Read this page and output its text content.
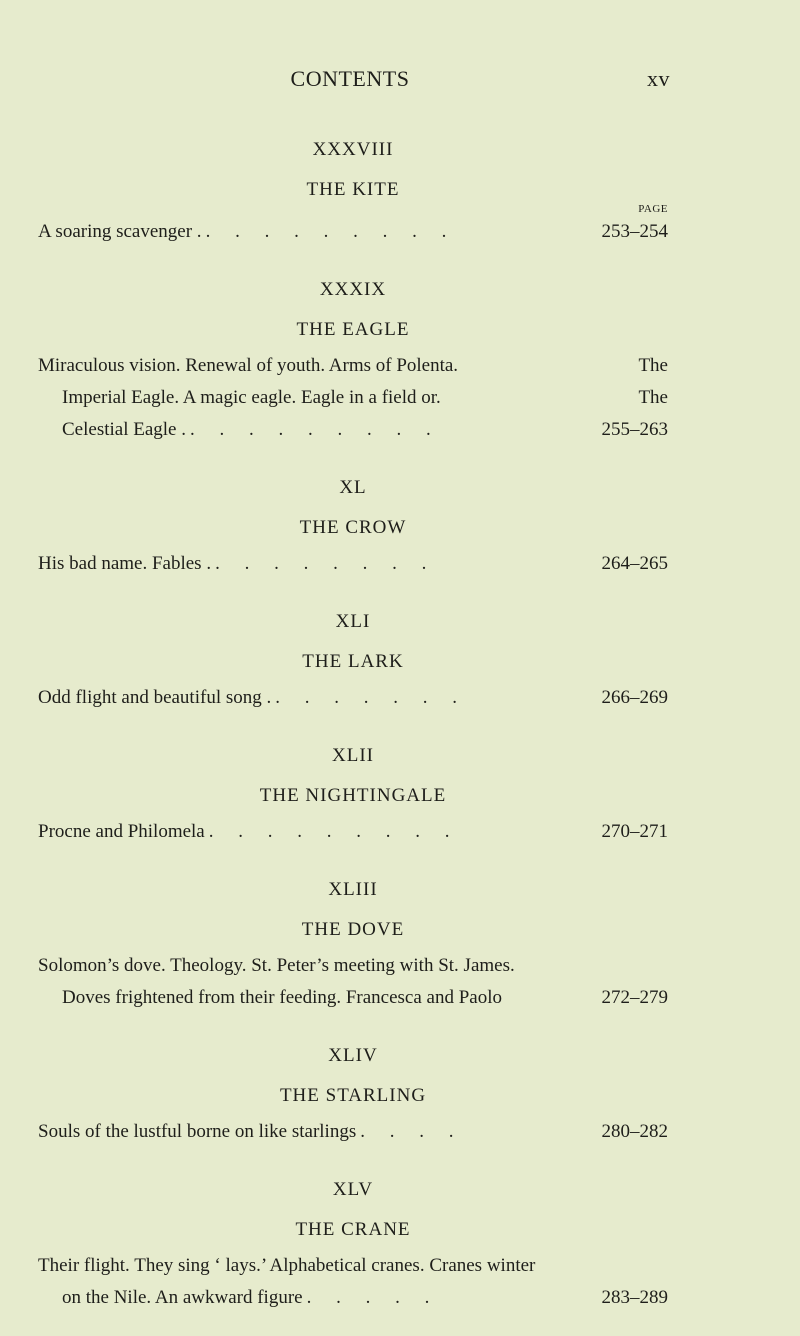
CONTENTS	xv
XXXVIII
THE KITE
PAGE
A soaring scavenger . . . . . . . . . .	253–254
XXXIX
THE EAGLE
Miraculous vision. Renewal of youth. Arms of Polenta.	The
Imperial Eagle. A magic eagle. Eagle in a field or.	The
Celestial Eagle . . . . . . . . . .	255–263
XL
THE CROW
His bad name. Fables . . . . . . . . .	264–265
XLI
THE LARK
Odd flight and beautiful song . . . . . . . .	266–269
XLII
THE NIGHTINGALE
Procne and Philomela . . . . . . . . .	270–271
XLIII
THE DOVE
Solomon’s dove. Theology. St. Peter’s meeting with St. James.
Doves frightened from their feeding. Francesca and Paolo	272–279
XLIV
THE STARLING
Souls of the lustful borne on like starlings . . . .	280–282
XLV
THE CRANE
Their flight. They sing ‘ lays.’ Alphabetical cranes. Cranes winter
on the Nile. An awkward figure . . . . .	283–289
